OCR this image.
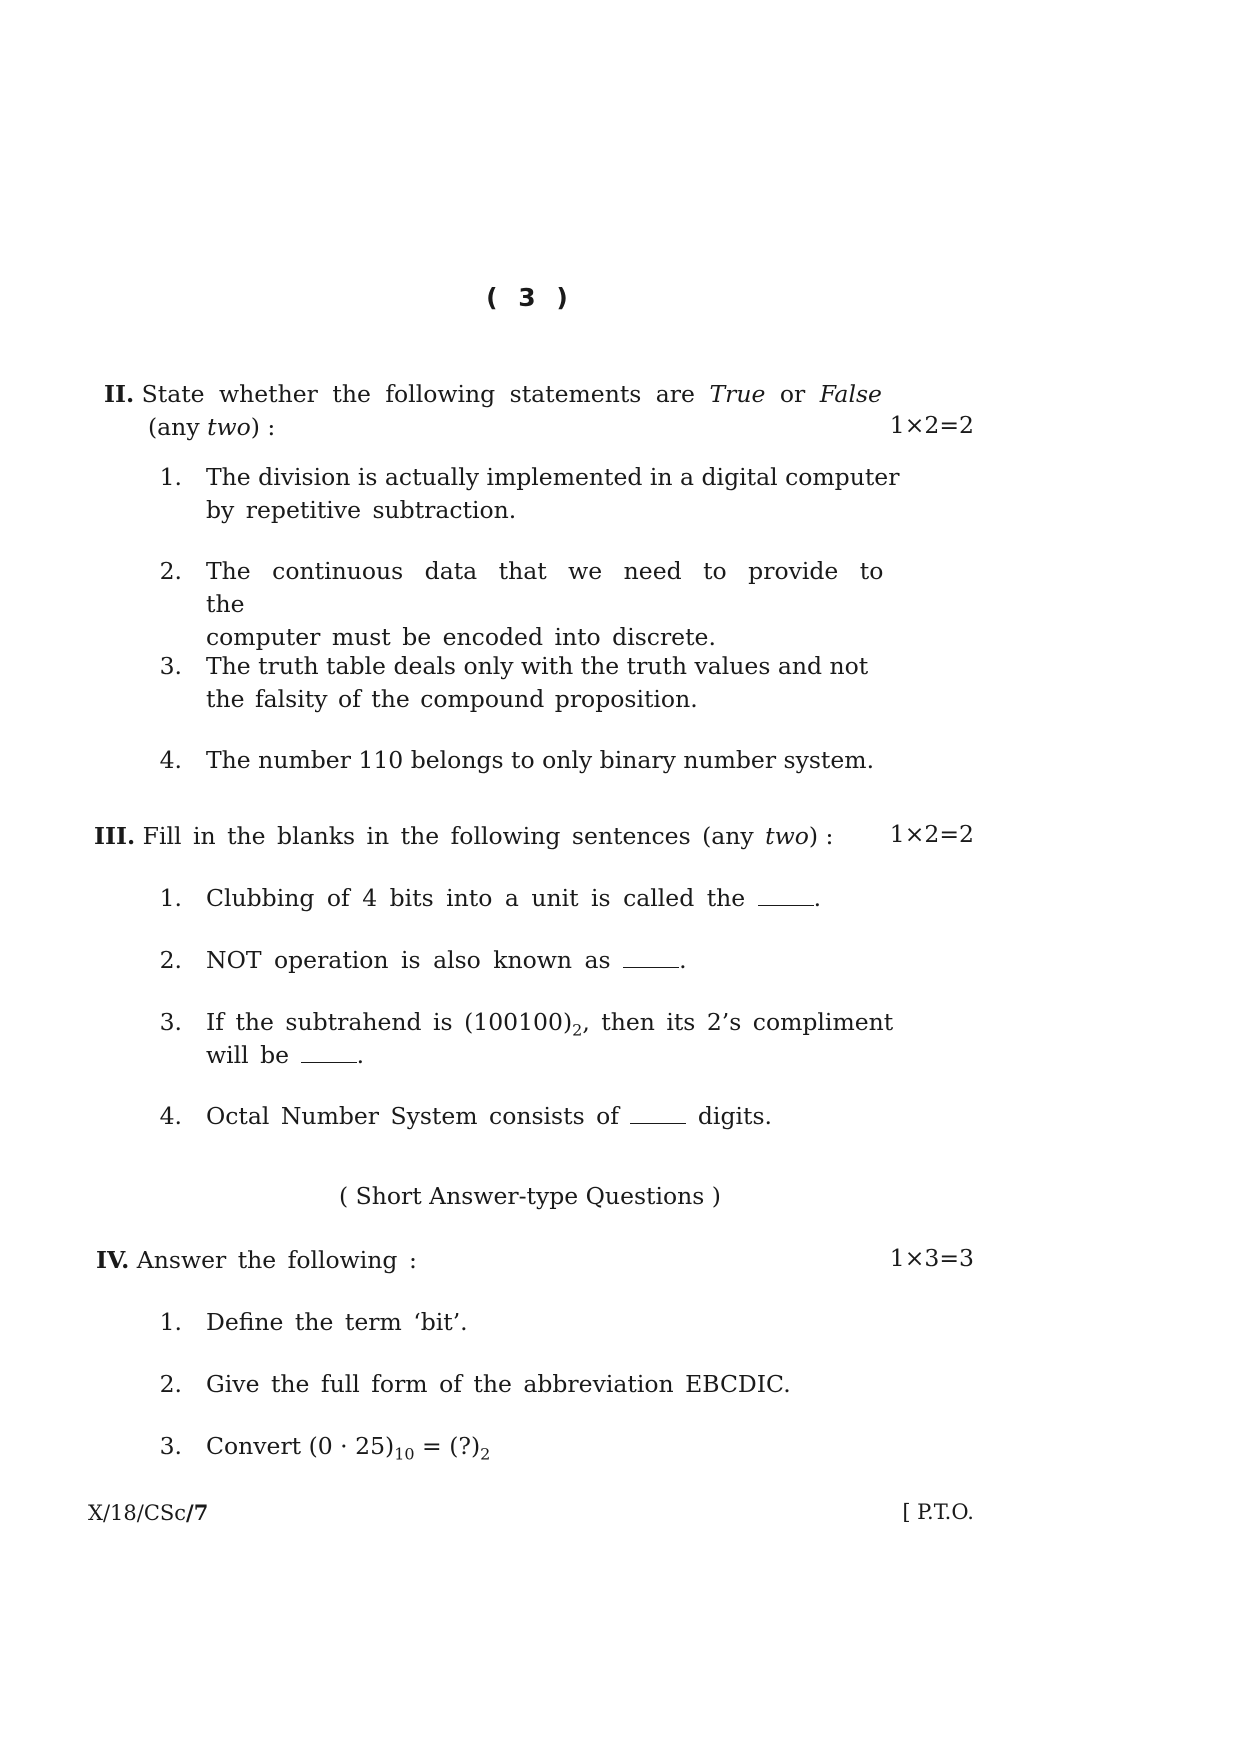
( 3 )
II. State whether the following statements are True or False
(any two) :	1×2=2
1. The division is actually implemented in a digital computer
by repetitive subtraction.
2. The continuous data that we need to provide to the
computer must be encoded into discrete.
3. The truth table deals only with the truth values and not
the falsity of the compound proposition.
4. The number 110 belongs to only binary number system.
III. Fill in the blanks in the following sentences (any two) : 1×2=2
1. Clubbing of 4 bits into a unit is called the .
2. NOT operation is also known as .
3. If the subtrahend is $(100100)_2$, then its 2’s compliment
will be .
4. Octal Number System consists of  digits.
( Short Answer-type Questions )
IV. Answer the following :	1×3=3
1. Define the term ‘bit’.
2. Give the full form of the abbreviation EBCDIC.
3. Convert $(0 \cdot 25)_{10}$ = $(?)_2$
X/18/CSc/7	[ P.T.O.
